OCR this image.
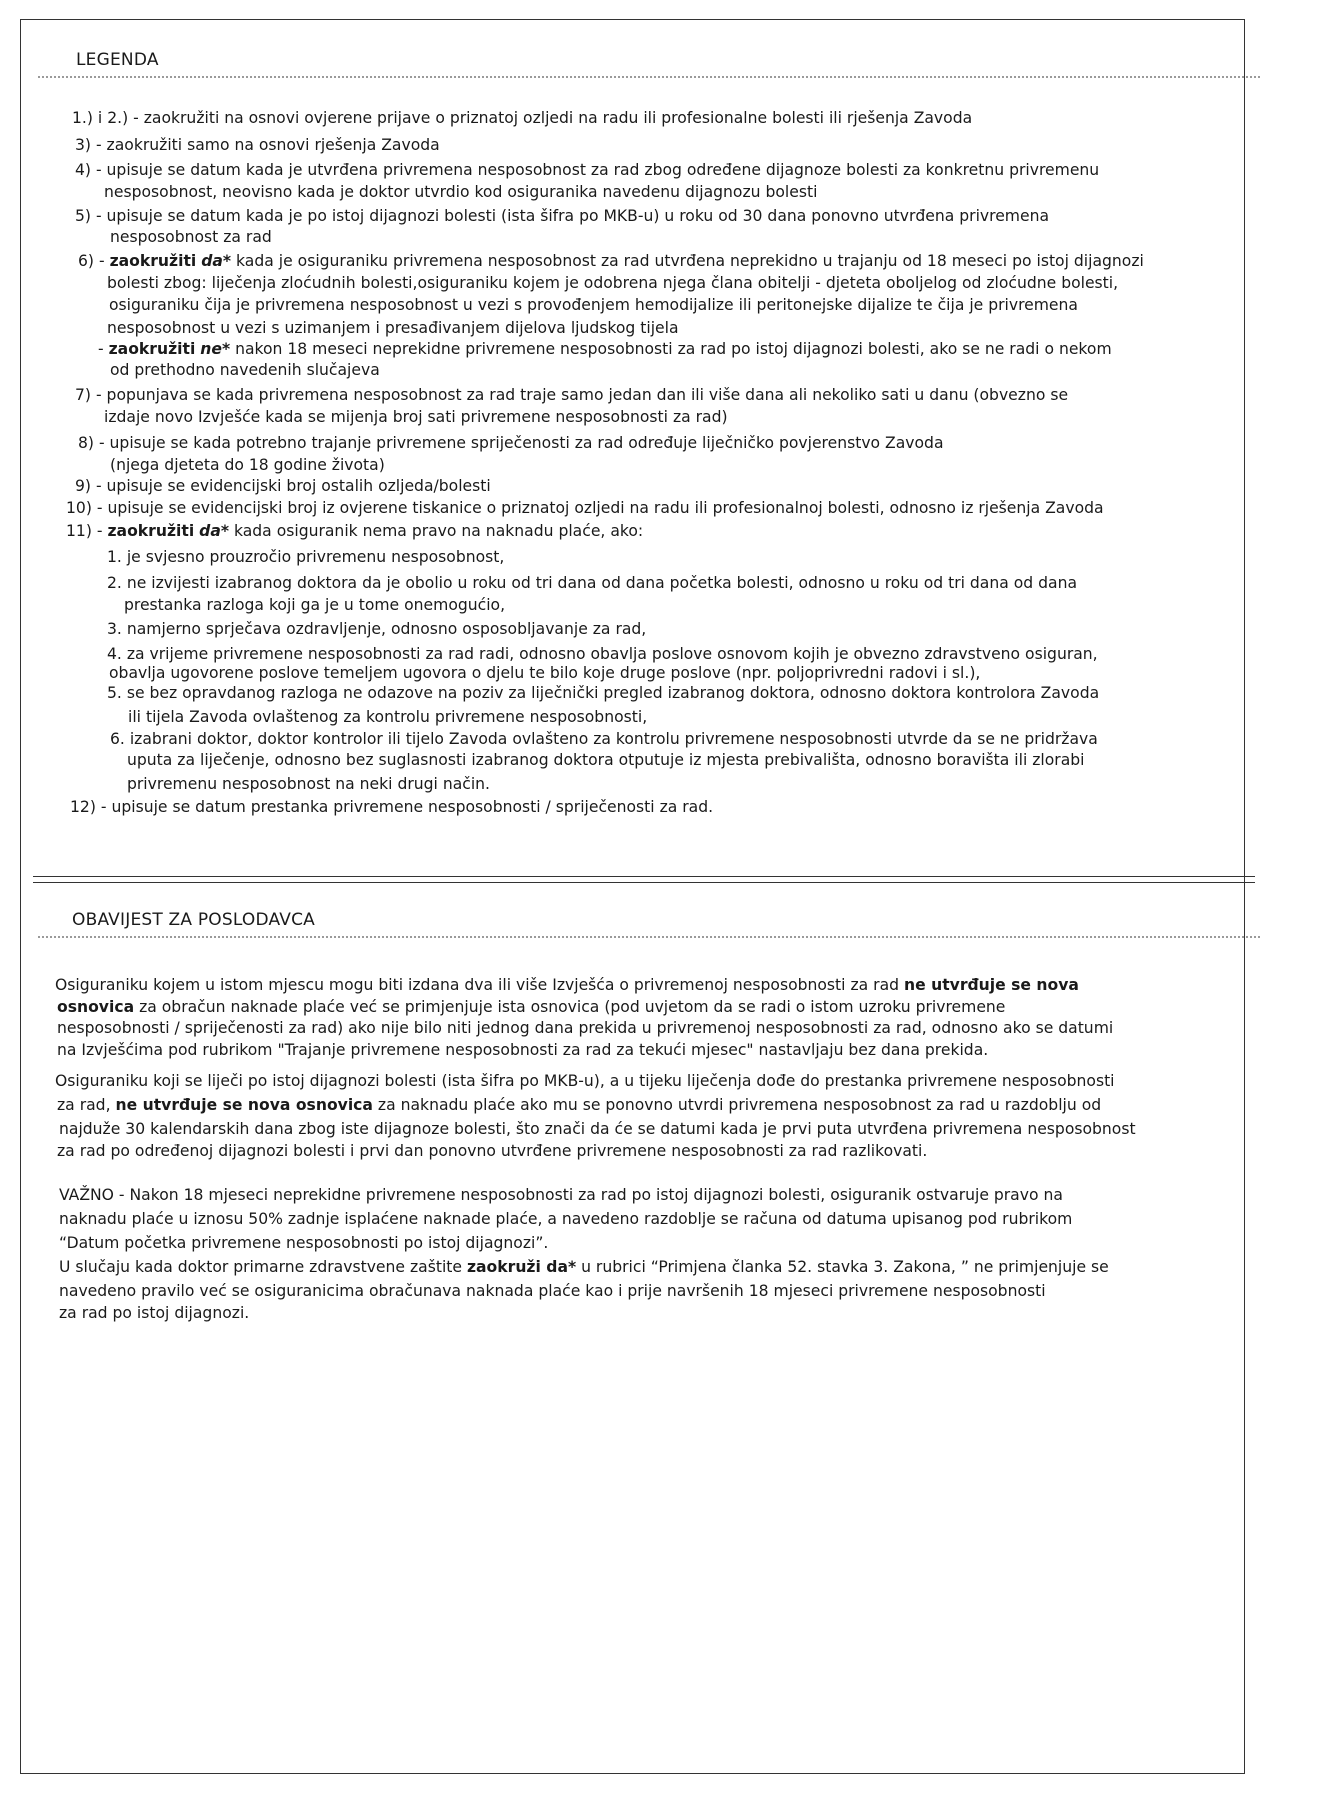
LEGENDA
1.) i 2.) - zaokružiti na osnovi ovjerene prijave o priznatoj ozljedi na radu ili profesionalne bolesti ili rješenja Zavoda
3) - zaokružiti samo na osnovi rješenja Zavoda
4) - upisuje se datum kada je utvrđena privremena nesposobnost za rad zbog određene dijagnoze bolesti za konkretnu privremenu
nesposobnost, neovisno kada je doktor utvrdio kod osiguranika navedenu dijagnozu bolesti
5) - upisuje se datum kada je po istoj dijagnozi bolesti (ista šifra po MKB-u) u roku od 30 dana ponovno utvrđena privremena
nesposobnost za rad
6) - zaokružiti da* kada je osiguraniku privremena nesposobnost za rad utvrđena neprekidno u trajanju od 18 meseci po istoj dijagnozi
bolesti zbog: liječenja zloćudnih bolesti,osiguraniku kojem je odobrena njega člana obitelji - djeteta oboljelog od zloćudne bolesti,
osiguraniku čija je privremena nesposobnost u vezi s provođenjem hemodijalize ili peritonejske dijalize te čija je privremena
nesposobnost u vezi s uzimanjem i presađivanjem dijelova ljudskog tijela
- zaokružiti ne* nakon 18 meseci neprekidne privremene nesposobnosti za rad po istoj dijagnozi bolesti, ako se ne radi o nekom
od prethodno navedenih slučajeva
7) - popunjava se kada privremena nesposobnost za rad traje samo jedan dan ili više dana ali nekoliko sati u danu (obvezno se
izdaje novo Izvješće kada se mijenja broj sati privremene nesposobnosti za rad)
8) - upisuje se kada potrebno trajanje privremene spriječenosti za rad određuje liječničko povjerenstvo Zavoda
(njega djeteta do 18 godine života)
9) - upisuje se evidencijski broj ostalih ozljeda/bolesti
10) - upisuje se evidencijski broj iz ovjerene tiskanice o priznatoj ozljedi na radu ili profesionalnoj bolesti, odnosno iz rješenja Zavoda
11) - zaokružiti da* kada osiguranik nema pravo na naknadu plaće, ako:
1. je svjesno prouzročio privremenu nesposobnost,
2. ne izvijesti izabranog doktora da je obolio u roku od tri dana od dana početka bolesti, odnosno u roku od tri dana od dana
prestanka razloga koji ga je u tome onemogućio,
3. namjerno sprječava ozdravljenje, odnosno osposobljavanje za rad,
4. za vrijeme privremene nesposobnosti za rad radi, odnosno obavlja poslove osnovom kojih je obvezno zdravstveno osiguran,
obavlja ugovorene poslove temeljem ugovora o djelu te bilo koje druge poslove (npr. poljoprivredni radovi i sl.),
5. se bez opravdanog razloga ne odazove na poziv za liječnički pregled izabranog doktora, odnosno doktora kontrolora Zavoda
ili tijela Zavoda ovlaštenog za kontrolu privremene nesposobnosti,
6. izabrani doktor, doktor kontrolor ili tijelo Zavoda ovlašteno za kontrolu privremene nesposobnosti utvrde da se ne pridržava
uputa za liječenje, odnosno bez suglasnosti izabranog doktora otputuje iz mjesta prebivališta, odnosno boravišta ili zlorabi
privremenu nesposobnost na neki drugi način.
12) - upisuje se datum prestanka privremene nesposobnosti / spriječenosti za rad.
OBAVIJEST ZA POSLODAVCA
Osiguraniku kojem u istom mjescu mogu biti izdana dva ili više Izvješća o privremenoj nesposobnosti za rad ne utvrđuje se nova
osnovica za obračun naknade plaće već se primjenjuje ista osnovica (pod uvjetom da se radi o istom uzroku privremene
nesposobnosti / spriječenosti za rad) ako nije bilo niti jednog dana prekida u privremenoj nesposobnosti za rad, odnosno ako se datumi
na Izvješćima pod rubrikom "Trajanje privremene nesposobnosti za rad za tekući mjesec" nastavljaju bez dana prekida.
Osiguraniku koji se liječi po istoj dijagnozi bolesti (ista šifra po MKB-u), a u tijeku liječenja dođe do prestanka privremene nesposobnosti
za rad, ne utvrđuje se nova osnovica za naknadu plaće ako mu se ponovno utvrdi privremena nesposobnost za rad u razdoblju od
najduže 30 kalendarskih dana zbog iste dijagnoze bolesti, što znači da će se datumi kada je prvi puta utvrđena privremena nesposobnost
za rad po određenoj dijagnozi bolesti i prvi dan ponovno utvrđene privremene nesposobnosti za rad razlikovati.
VAŽNO - Nakon 18 mjeseci neprekidne privremene nesposobnosti za rad po istoj dijagnozi bolesti, osiguranik ostvaruje pravo na
naknadu plaće u iznosu 50% zadnje isplaćene naknade plaće, a navedeno razdoblje se računa od datuma upisanog pod rubrikom
“Datum početka privremene nesposobnosti po istoj dijagnozi”.
U slučaju kada doktor primarne zdravstvene zaštite zaokruži da* u rubrici “Primjena članka 52. stavka 3. Zakona, ” ne primjenjuje se
navedeno pravilo već se osiguranicima obračunava naknada plaće kao i prije navršenih 18 mjeseci privremene nesposobnosti
za rad po istoj dijagnozi.
